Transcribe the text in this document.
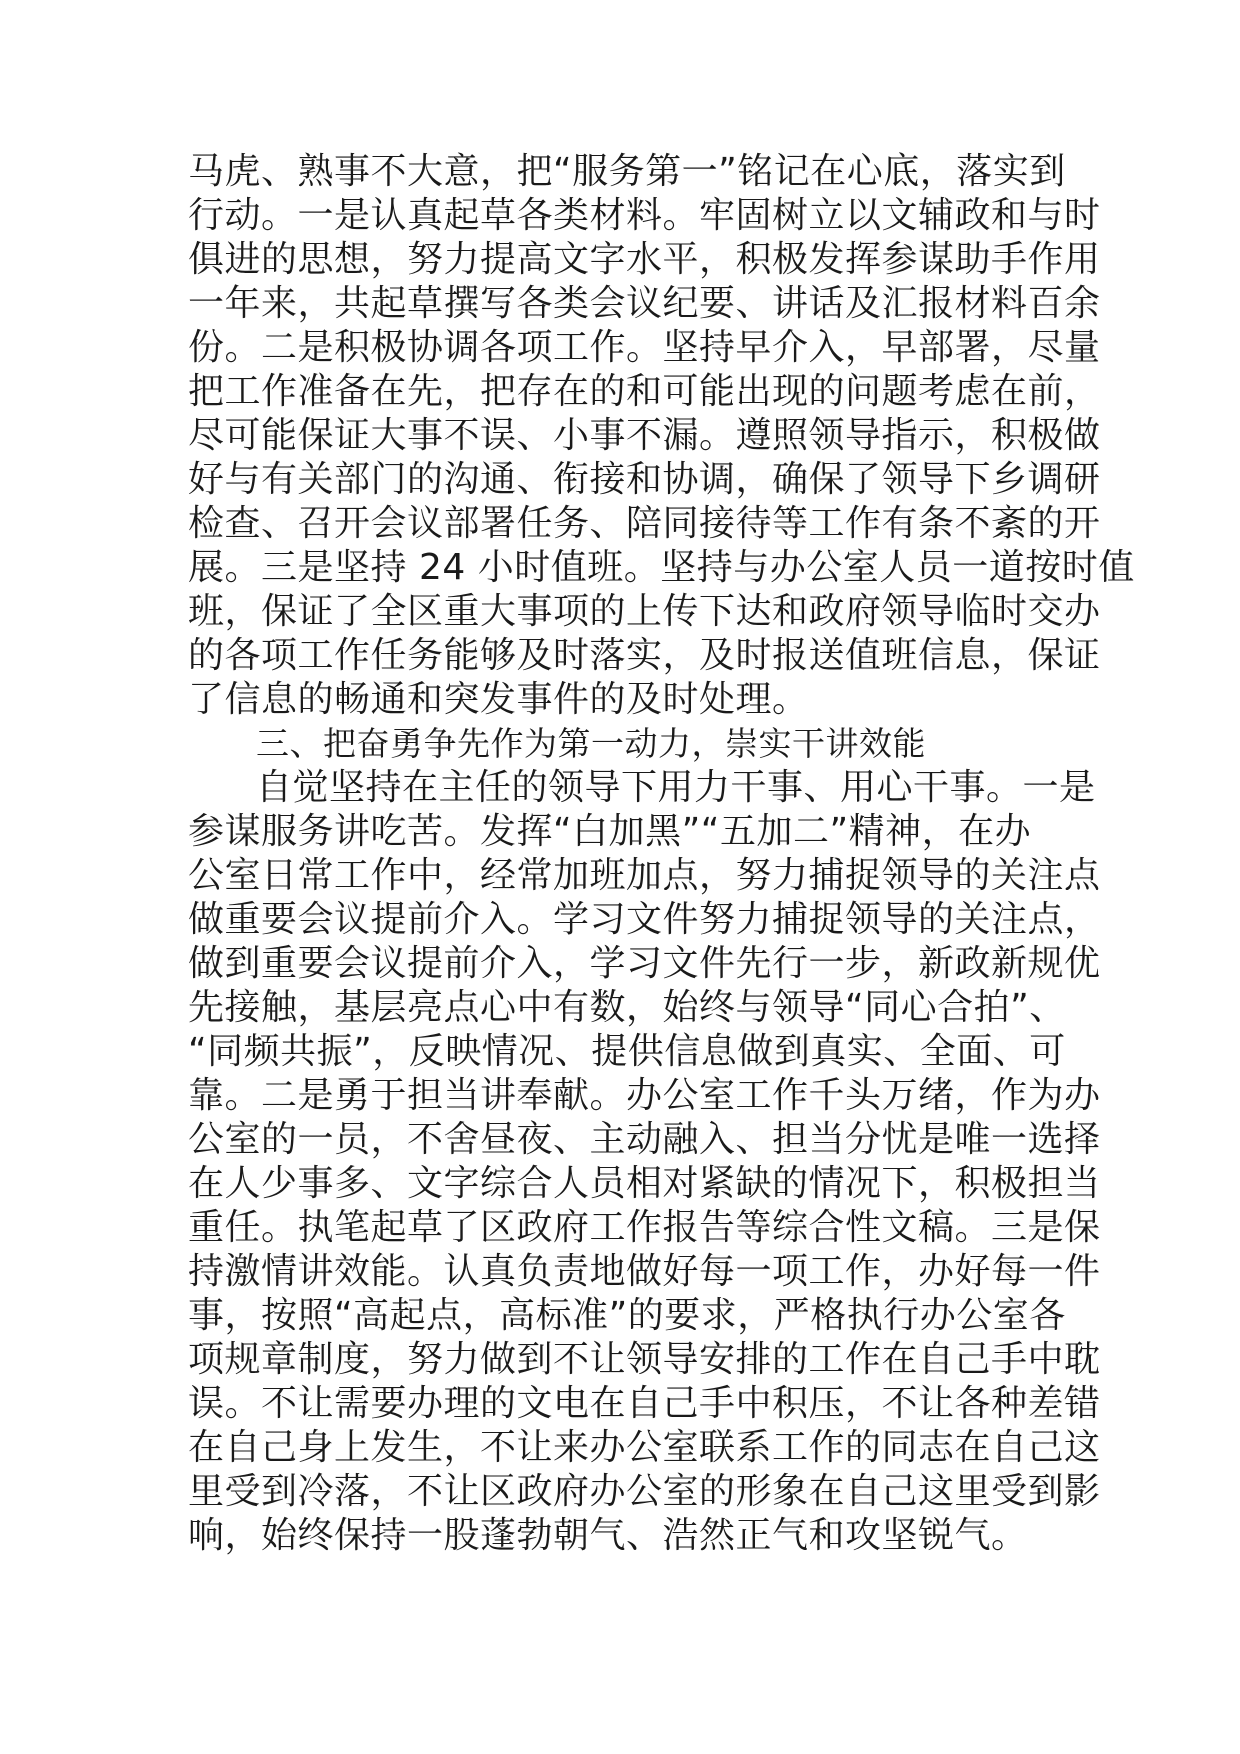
马虎、熟事不大意，把“服务第一”铭记在心底，落实到
行动。一是认真起草各类材料。牢固树立以文辅政和与时
俱进的思想，努力提高文字水平，积极发挥参谋助手作用
一年来，共起草撰写各类会议纪要、讲话及汇报材料百余
份。二是积极协调各项工作。坚持早介入，早部署，尽量
把工作准备在先，把存在的和可能出现的问题考虑在前，
尽可能保证大事不误、小事不漏。遵照领导指示，积极做
好与有关部门的沟通、衔接和协调，确保了领导下乡调研
检查、召开会议部署任务、陪同接待等工作有条不紊的开
展。三是坚持 24 小时值班。坚持与办公室人员一道按时值
班，保证了全区重大事项的上传下达和政府领导临时交办
的各项工作任务能够及时落实，及时报送值班信息，保证
了信息的畅通和突发事件的及时处理。
三、把奋勇争先作为第一动力，崇实干讲效能
自觉坚持在主任的领导下用力干事、用心干事。一是
参谋服务讲吃苦。发挥“白加黑”“五加二”精神，在办
公室日常工作中，经常加班加点，努力捕捉领导的关注点
做重要会议提前介入。学习文件努力捕捉领导的关注点，
做到重要会议提前介入，学习文件先行一步，新政新规优
先接触，基层亮点心中有数，始终与领导“同心合拍”、
“同频共振”，反映情况、提供信息做到真实、全面、可
靠。二是勇于担当讲奉献。办公室工作千头万绪，作为办
公室的一员，不舍昼夜、主动融入、担当分忧是唯一选择
在人少事多、文字综合人员相对紧缺的情况下，积极担当
重任。执笔起草了区政府工作报告等综合性文稿。三是保
持激情讲效能。认真负责地做好每一项工作，办好每一件
事，按照“高起点，高标准”的要求，严格执行办公室各
项规章制度，努力做到不让领导安排的工作在自己手中耽
误。不让需要办理的文电在自己手中积压，不让各种差错
在自己身上发生，不让来办公室联系工作的同志在自己这
里受到冷落，不让区政府办公室的形象在自己这里受到影
响，始终保持一股蓬勃朝气、浩然正气和攻坚锐气。
